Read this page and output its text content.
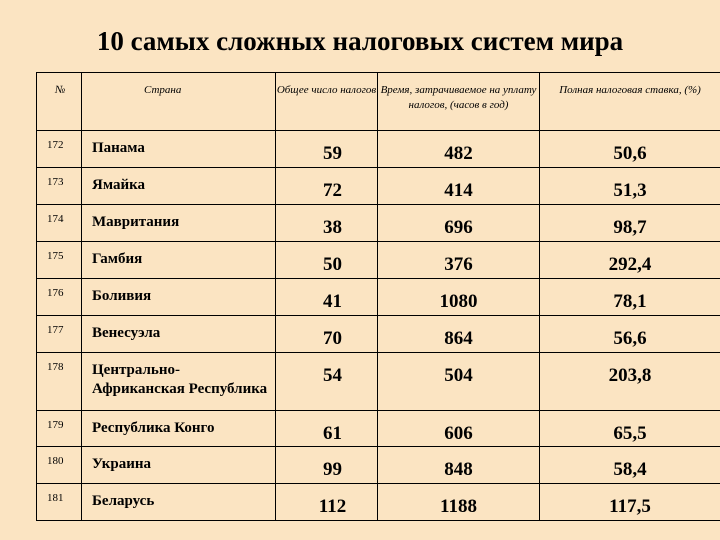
10 самых сложных налоговых систем мира
№	Страна	Общее число налогов	Время, затрачиваемое на уплату налогов, (часов в год)	Полная налоговая ставка, (%)
172	Панама	59	482	50,6
173	Ямайка	72	414	51,3
174	Мавритания	38	696	98,7
175	Гамбия	50	376	292,4
176	Боливия	41	1080	78,1
177	Венесуэла	70	864	56,6
178	Центрально-Африканская Республика	54	504	203,8
179	Республика Конго	61	606	65,5
180	Украина	99	848	58,4
181	Беларусь	112	1188	117,5
